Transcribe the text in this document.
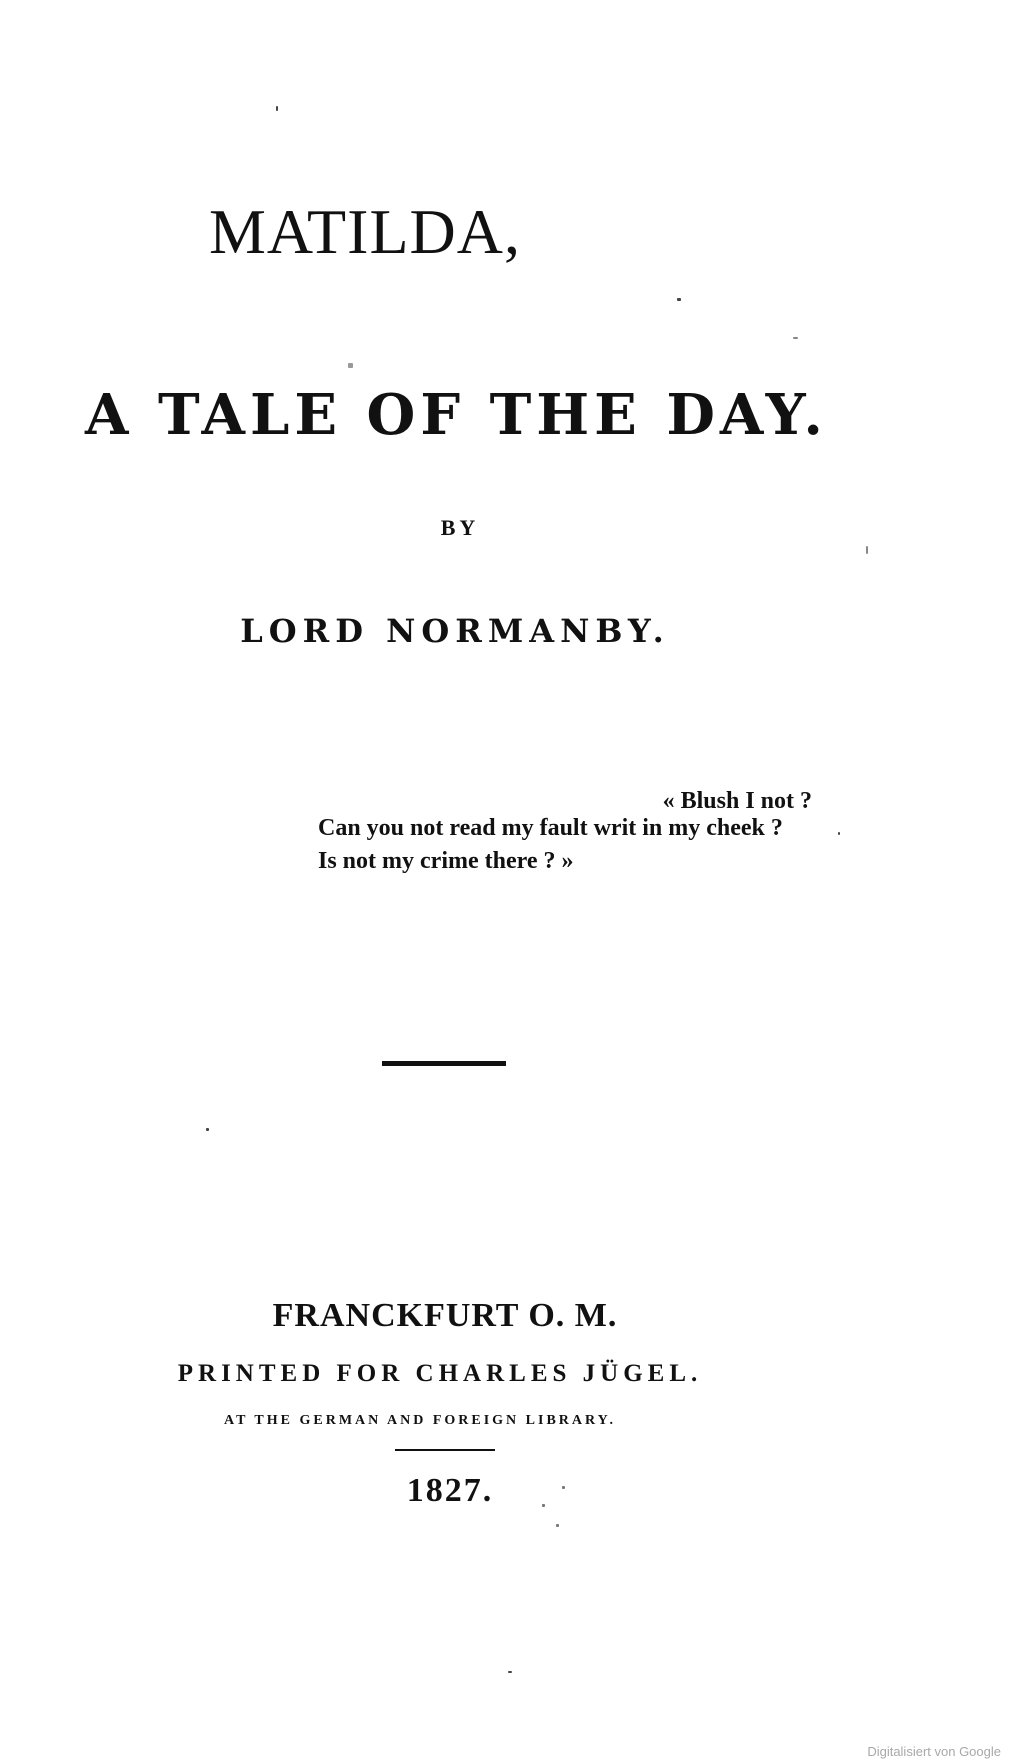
MATILDA,
A TALE OF THE DAY.
BY
LORD NORMANBY.
« Blush I not ?
Can you not read my fault writ in my cheek ?
Is not my crime there ? »
FRANCKFURT O. M.
PRINTED FOR CHARLES JÜGEL.
AT THE GERMAN AND FOREIGN LIBRARY.
1827.
Digitalisiert von Google
